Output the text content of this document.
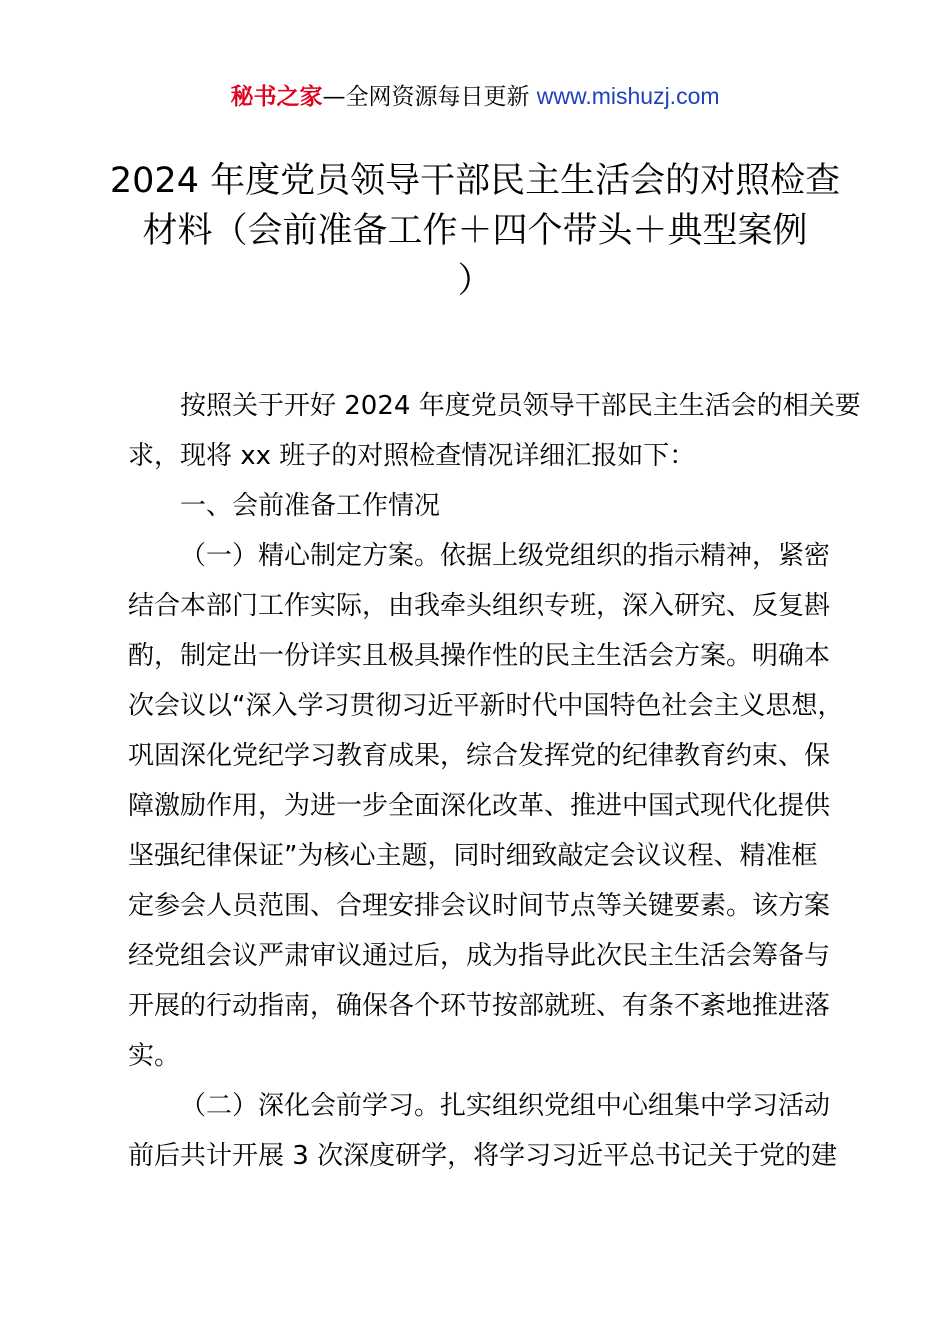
秘书之家—全网资源每日更新 www.mishuzj.com
2024 年度党员领导干部民主生活会的对照检查
材料（会前准备工作＋四个带头＋典型案例
）
按照关于开好 2024 年度党员领导干部民主生活会的相关要
求，现将 xx 班子的对照检查情况详细汇报如下：
一、会前准备工作情况
（一）精心制定方案。依据上级党组织的指示精神，紧密
结合本部门工作实际，由我牵头组织专班，深入研究、反复斟
酌，制定出一份详实且极具操作性的民主生活会方案。明确本
次会议以“深入学习贯彻习近平新时代中国特色社会主义思想，
巩固深化党纪学习教育成果，综合发挥党的纪律教育约束、保
障激励作用，为进一步全面深化改革、推进中国式现代化提供
坚强纪律保证”为核心主题，同时细致敲定会议议程、精准框
定参会人员范围、合理安排会议时间节点等关键要素。该方案
经党组会议严肃审议通过后，成为指导此次民主生活会筹备与
开展的行动指南，确保各个环节按部就班、有条不紊地推进落
实。
（二）深化会前学习。扎实组织党组中心组集中学习活动
前后共计开展 3 次深度研学，将学习习近平总书记关于党的建
